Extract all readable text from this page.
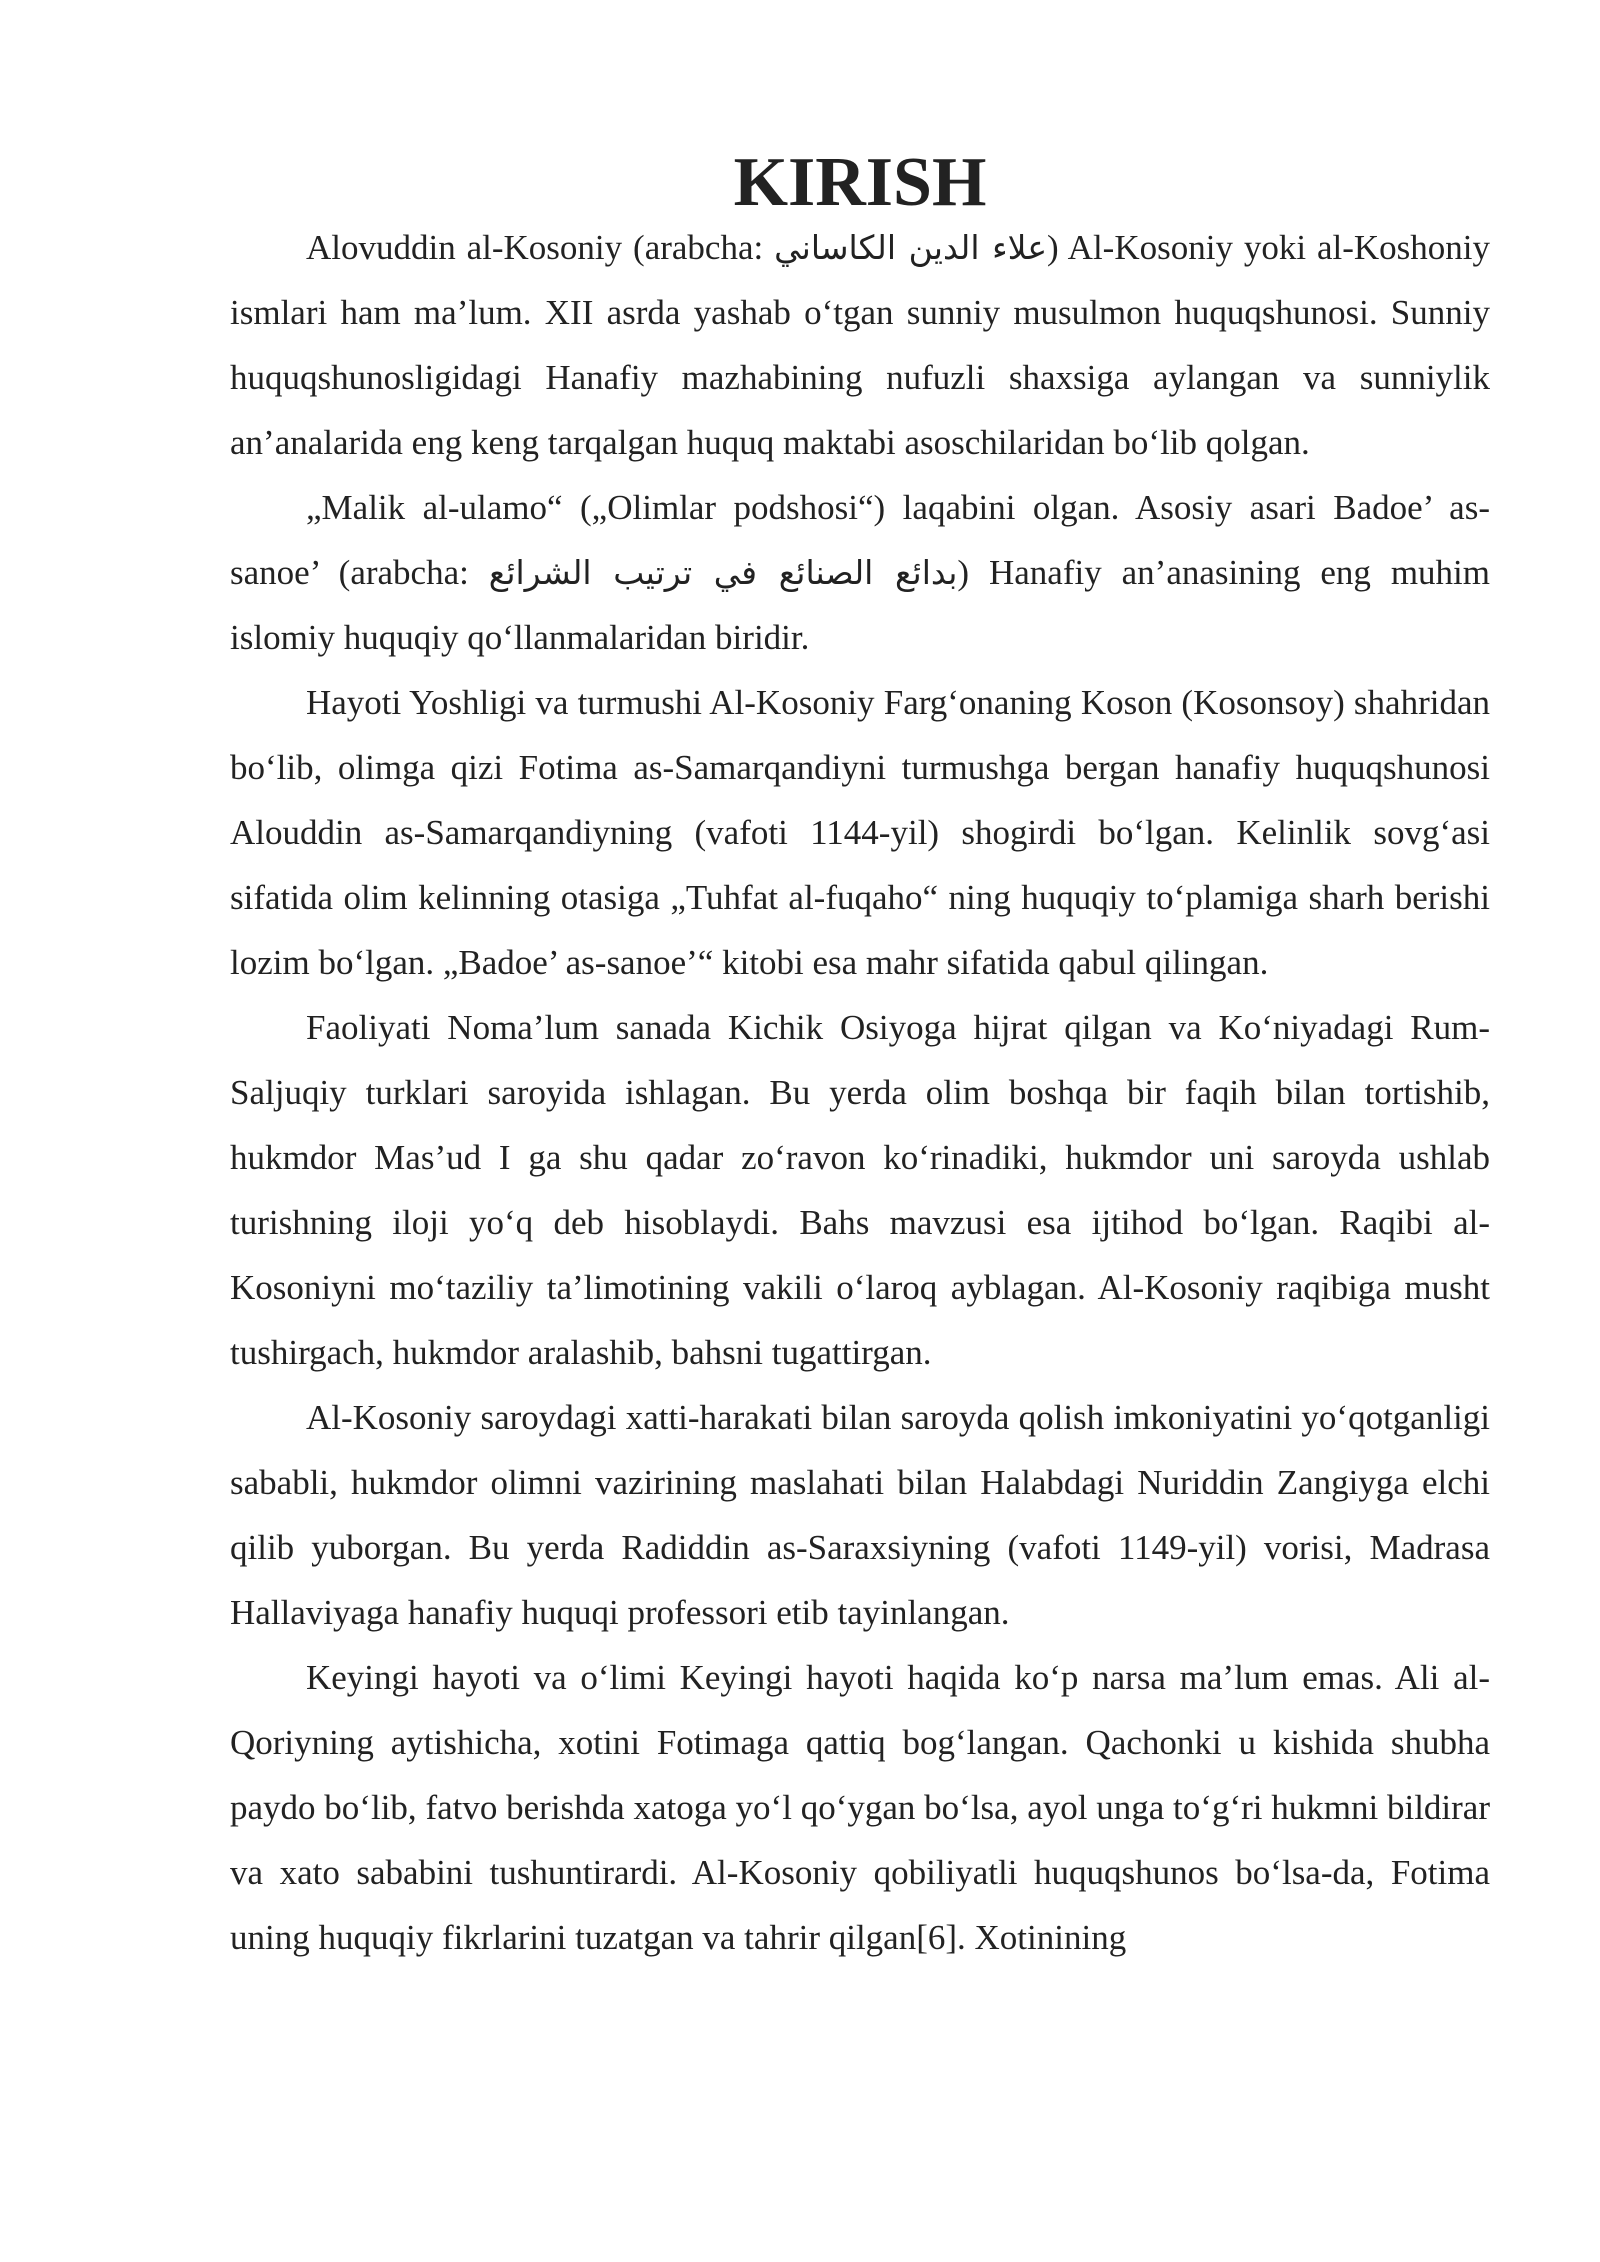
KIRISH

Alovuddin al-Kosoniy (arabcha: علاء الدين الكاساني) Al-Kosoniy yoki al-Koshoniy ismlari ham ma’lum. XII asrda yashab o‘tgan sunniy musulmon huquqshunosi. Sunniy huquqshunosligidagi Hanafiy mazhabining nufuzli shaxsiga aylangan va sunniylik an’analarida eng keng tarqalgan huquq maktabi asoschilaridan bo‘lib qolgan.

„Malik al-ulamo“ („Olimlar podshosi“) laqabini olgan. Asosiy asari Badoe’ as-sanoe’ (arabcha: بدائع الصنائع في ترتيب الشرائع) Hanafiy an’anasining eng muhim islomiy huquqiy qo‘llanmalaridan biridir.

Hayoti Yoshligi va turmushi Al-Kosoniy Farg‘onaning Koson (Kosonsoy) shahridan bo‘lib, olimga qizi Fotima as-Samarqandiyni turmushga bergan hanafiy huquqshunosi Alouddin as-Samarqandiyning (vafoti 1144-yil) shogirdi bo‘lgan. Kelinlik sovg‘asi sifatida olim kelinning otasiga „Tuhfat al-fuqaho“ ning huquqiy to‘plamiga sharh berishi lozim bo‘lgan. „Badoe’ as-sanoe’“ kitobi esa mahr sifatida qabul qilingan.

Faoliyati Noma’lum sanada Kichik Osiyoga hijrat qilgan va Ko‘niyadagi Rum-Saljuqiy turklari saroyida ishlagan. Bu yerda olim boshqa bir faqih bilan tortishib, hukmdor Mas’ud I ga shu qadar zo‘ravon ko‘rinadiki, hukmdor uni saroyda ushlab turishning iloji yo‘q deb hisoblaydi. Bahs mavzusi esa ijtihod bo‘lgan. Raqibi al-Kosoniyni mo‘taziliy ta’limotining vakili o‘laroq ayblagan. Al-Kosoniy raqibiga musht tushirgach, hukmdor aralashib, bahsni tugattirgan.

Al-Kosoniy saroydagi xatti-harakati bilan saroyda qolish imkoniyatini yo‘qotganligi sababli, hukmdor olimni vazirining maslahati bilan Halabdagi Nuriddin Zangiyga elchi qilib yuborgan. Bu yerda Radiddin as-Saraxsiyning (vafoti 1149-yil) vorisi, Madrasa Hallaviyaga hanafiy huquqi professori etib tayinlangan.

Keyingi hayoti va o‘limi Keyingi hayoti haqida ko‘p narsa ma’lum emas. Ali al-Qoriyning aytishicha, xotini Fotimaga qattiq bog‘langan. Qachonki u kishida shubha paydo bo‘lib, fatvo berishda xatoga yo‘l qo‘ygan bo‘lsa, ayol unga to‘g‘ri hukmni bildirar va xato sababini tushuntirardi. Al-Kosoniy qobiliyatli huquqshunos bo‘lsa-da, Fotima uning huquqiy fikrlarini tuzatgan va tahrir qilgan[6]. Xotinining
